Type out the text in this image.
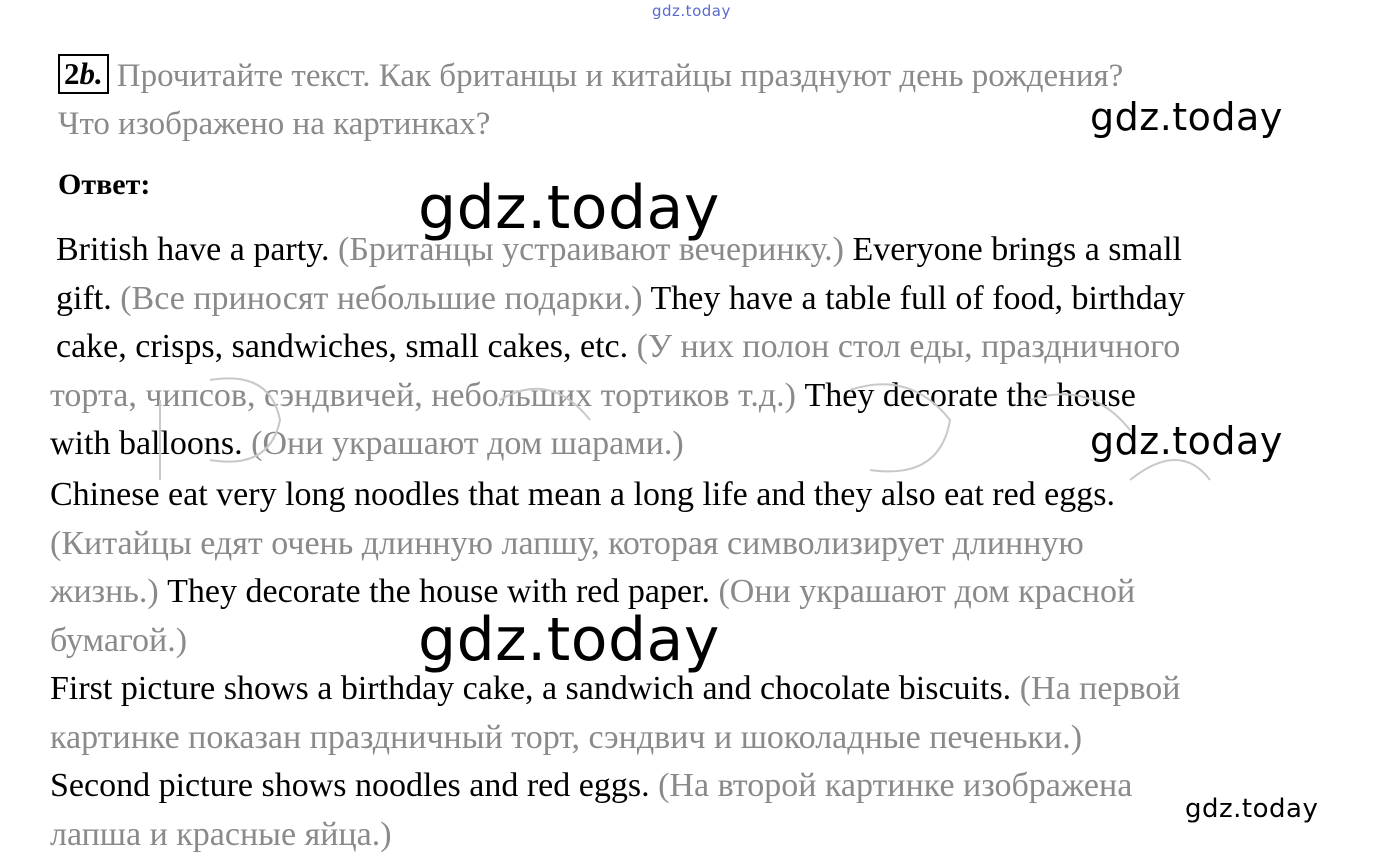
gdz.today
gdz.today
gdz.today
gdz.today
gdz.today
gdz.today
2b. Прочитайте текст. Как британцы и китайцы празднуют день рождения?
Что изображено на картинках?
Ответ:
British have a party. (Британцы устраивают вечеринку.) Everyone brings a small
gift. (Все приносят небольшие подарки.) They have a table full of food, birthday
cake, crisps, sandwiches, small cakes, etc. (У них полон стол еды, праздничного
торта, чипсов, сэндвичей, небольших тортиков т.д.) They decorate the house
with balloons. (Они украшают дом шарами.)
Chinese eat very long noodles that mean a long life and they also eat red eggs.
(Китайцы едят очень длинную лапшу, которая символизирует длинную
жизнь.) They decorate the house with red paper. (Они украшают дом красной
бумагой.)
First picture shows a birthday cake, a sandwich and chocolate biscuits. (На первой
картинке показан праздничный торт, сэндвич и шоколадные печеньки.)
Second picture shows noodles and red eggs. (На второй картинке изображена
лапша и красные яйца.)
